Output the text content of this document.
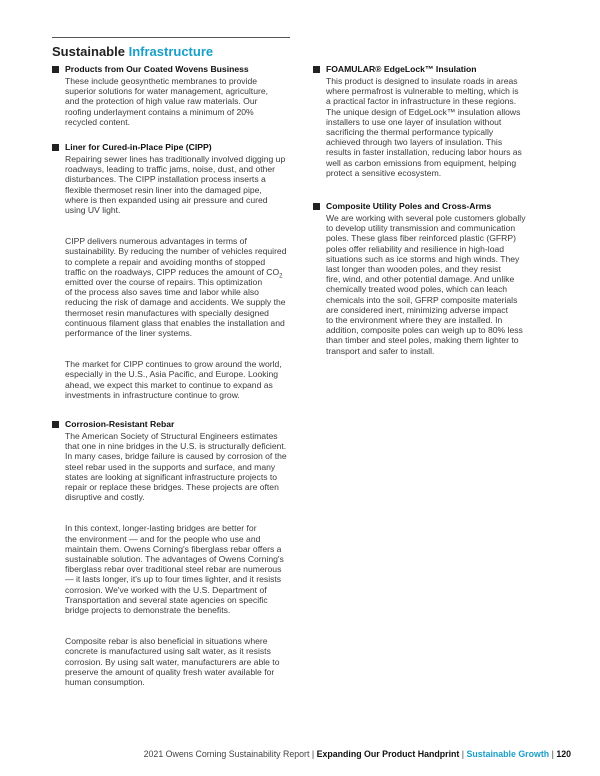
Sustainable Infrastructure
Products from Our Coated Wovens Business
These include geosynthetic membranes to provide
superior solutions for water management, agriculture,
and the protection of high value raw materials. Our
roofing underlayment contains a minimum of 20%
recycled content.
Liner for Cured-in-Place Pipe (CIPP)
Repairing sewer lines has traditionally involved digging up
roadways, leading to traffic jams, noise, dust, and other
disturbances. The CIPP installation process inserts a
flexible thermoset resin liner into the damaged pipe,
where is then expanded using air pressure and cured
using UV light.
CIPP delivers numerous advantages in terms of
sustainability. By reducing the number of vehicles required
to complete a repair and avoiding months of stopped
traffic on the roadways, CIPP reduces the amount of $CO_2$
emitted over the course of repairs. This optimization
of the process also saves time and labor while also
reducing the risk of damage and accidents. We supply the
thermoset resin manufactures with specially designed
continuous filament glass that enables the installation and
performance of the liner systems.
The market for CIPP continues to grow around the world,
especially in the U.S., Asia Pacific, and Europe. Looking
ahead, we expect this market to continue to expand as
investments in infrastructure continue to grow.
Corrosion-Resistant Rebar
The American Society of Structural Engineers estimates
that one in nine bridges in the U.S. is structurally deficient.
In many cases, bridge failure is caused by corrosion of the
steel rebar used in the supports and surface, and many
states are looking at significant infrastructure projects to
repair or replace these bridges. These projects are often
disruptive and costly.
In this context, longer-lasting bridges are better for
the environment — and for the people who use and
maintain them. Owens Corning's fiberglass rebar offers a
sustainable solution. The advantages of Owens Corning's
fiberglass rebar over traditional steel rebar are numerous
— it lasts longer, it's up to four times lighter, and it resists
corrosion. We've worked with the U.S. Department of
Transportation and several state agencies on specific
bridge projects to demonstrate the benefits.
Composite rebar is also beneficial in situations where
concrete is manufactured using salt water, as it resists
corrosion. By using salt water, manufacturers are able to
preserve the amount of quality fresh water available for
human consumption.
FOAMULAR® EdgeLock™ Insulation
This product is designed to insulate roads in areas
where permafrost is vulnerable to melting, which is
a practical factor in infrastructure in these regions.
The unique design of EdgeLock™ insulation allows
installers to use one layer of insulation without
sacrificing the thermal performance typically
achieved through two layers of insulation. This
results in faster installation, reducing labor hours as
well as carbon emissions from equipment, helping
protect a sensitive ecosystem.
Composite Utility Poles and Cross-Arms
We are working with several pole customers globally
to develop utility transmission and communication
poles. These glass fiber reinforced plastic (GFRP)
poles offer reliability and resilience in high-load
situations such as ice storms and high winds. They
last longer than wooden poles, and they resist
fire, wind, and other potential damage. And unlike
chemically treated wood poles, which can leach
chemicals into the soil, GFRP composite materials
are considered inert, minimizing adverse impact
to the environment where they are installed. In
addition, composite poles can weigh up to 80% less
than timber and steel poles, making them lighter to
transport and safer to install.
2021 Owens Corning Sustainability Report | Expanding Our Product Handprint | Sustainable Growth | 120
